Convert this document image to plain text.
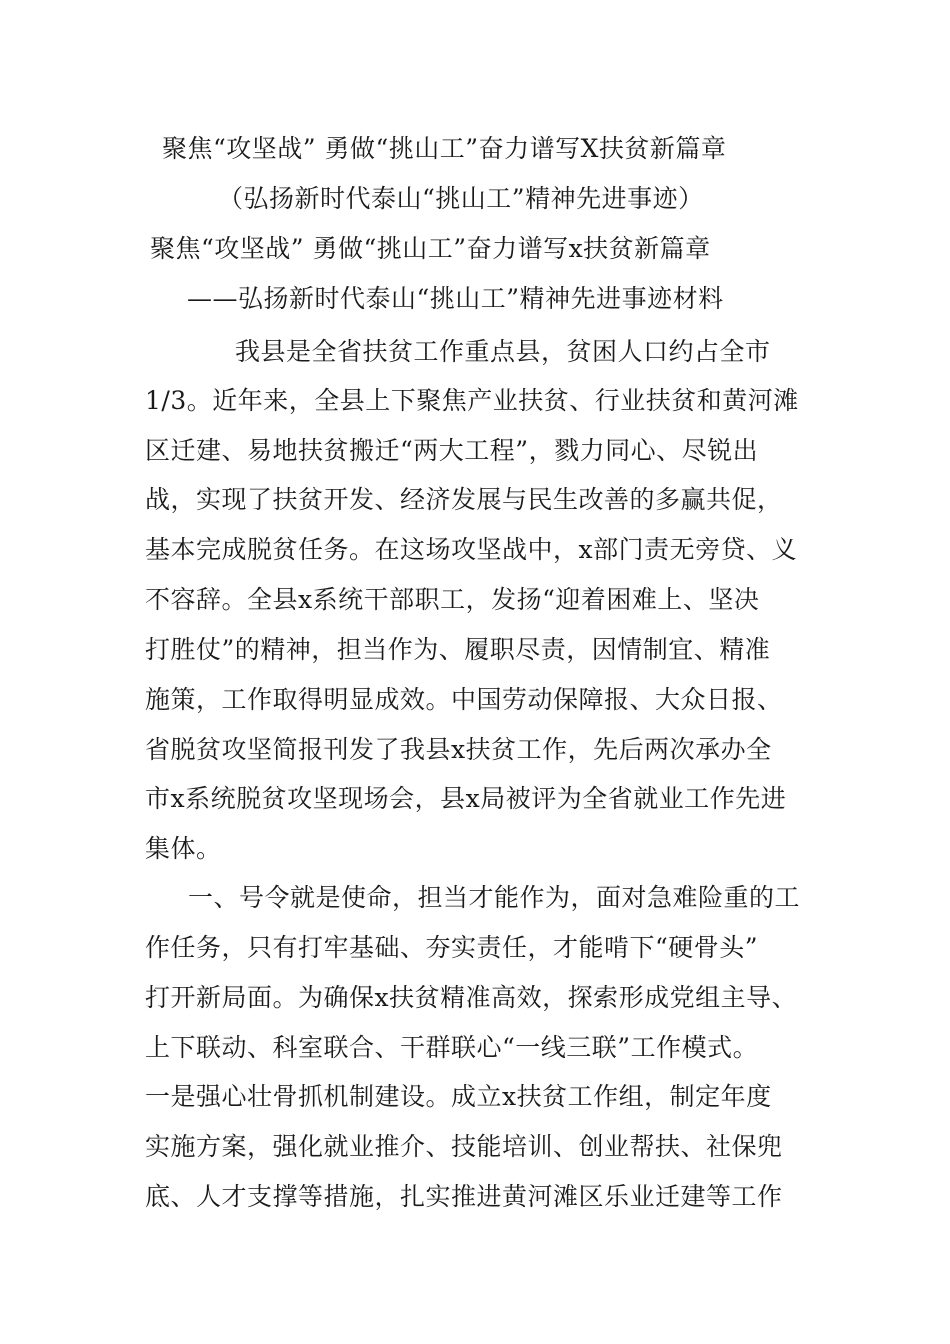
聚焦“攻坚战” 勇做“挑山工”奋力谱写X扶贫新篇章
（弘扬新时代泰山“挑山工”精神先进事迹）
聚焦“攻坚战” 勇做“挑山工”奋力谱写x扶贫新篇章
——弘扬新时代泰山“挑山工”精神先进事迹材料
我县是全省扶贫工作重点县，贫困人口约占全市
1/3。近年来，全县上下聚焦产业扶贫、行业扶贫和黄河滩
区迁建、易地扶贫搬迁“两大工程”，戮力同心、尽锐出
战，实现了扶贫开发、经济发展与民生改善的多赢共促，
基本完成脱贫任务。在这场攻坚战中，x部门责无旁贷、义
不容辞。全县x系统干部职工，发扬“迎着困难上、坚决
打胜仗”的精神，担当作为、履职尽责，因情制宜、精准
施策，工作取得明显成效。中国劳动保障报、大众日报、
省脱贫攻坚简报刊发了我县x扶贫工作，先后两次承办全
市x系统脱贫攻坚现场会，县x局被评为全省就业工作先进
集体。
一、号令就是使命，担当才能作为，面对急难险重的工
作任务，只有打牢基础、夯实责任，才能啃下“硬骨头”
打开新局面。为确保x扶贫精准高效，探索形成党组主导、
上下联动、科室联合、干群联心“一线三联”工作模式。
一是强心壮骨抓机制建设。成立x扶贫工作组，制定年度
实施方案，强化就业推介、技能培训、创业帮扶、社保兜
底、人才支撑等措施，扎实推进黄河滩区乐业迁建等工作
